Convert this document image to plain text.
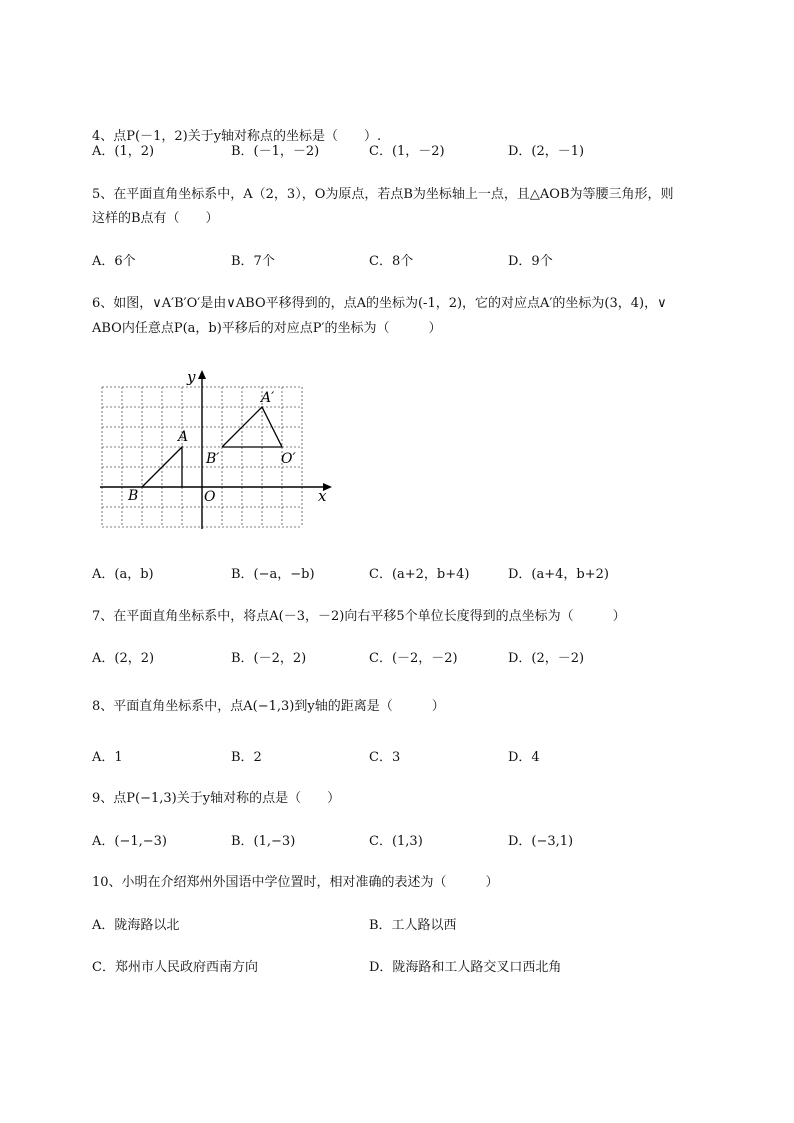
4、点P(－1，2)关于y轴对称点的坐标是（　　）.
A．(1，2)	B．(－1，－2)	C．(1，－2)	D．(2，－1)
5、在平面直角坐标系中，A（2，3），O为原点，若点B为坐标轴上一点，且△AOB为等腰三角形，则
这样的B点有（　　）
A．6个	B．7个	C．8个	D．9个
6、如图，∨A′B′O′是由∨ABO平移得到的，点A的坐标为(-1，2)，它的对应点A′的坐标为(3，4)，∨
ABO内任意点P(a，b)平移后的对应点P′的坐标为（　　　）
y
x
A
A′
B
B′
O
O′
A．(a，b)	B．(−a，−b)	C．(a+2，b+4)	D．(a+4，b+2)
7、在平面直角坐标系中，将点A(－3，－2)向右平移5个单位长度得到的点坐标为（　　　）
A．(2，2)	B．(－2，2)	C．(－2，－2)	D．(2，－2)
8、平面直角坐标系中，点A(−1,3)到y轴的距离是（　　　）
A．1	B．2	C．3	D．4
9、点P(−1,3)关于y轴对称的点是（　　）
A．(−1,−3)	B．(1,−3)	C．(1,3)	D．(−3,1)
10、小明在介绍郑州外国语中学位置时，相对准确的表述为（　　　）
A．陇海路以北	B．工人路以西
C．郑州市人民政府西南方向	D．陇海路和工人路交叉口西北角
